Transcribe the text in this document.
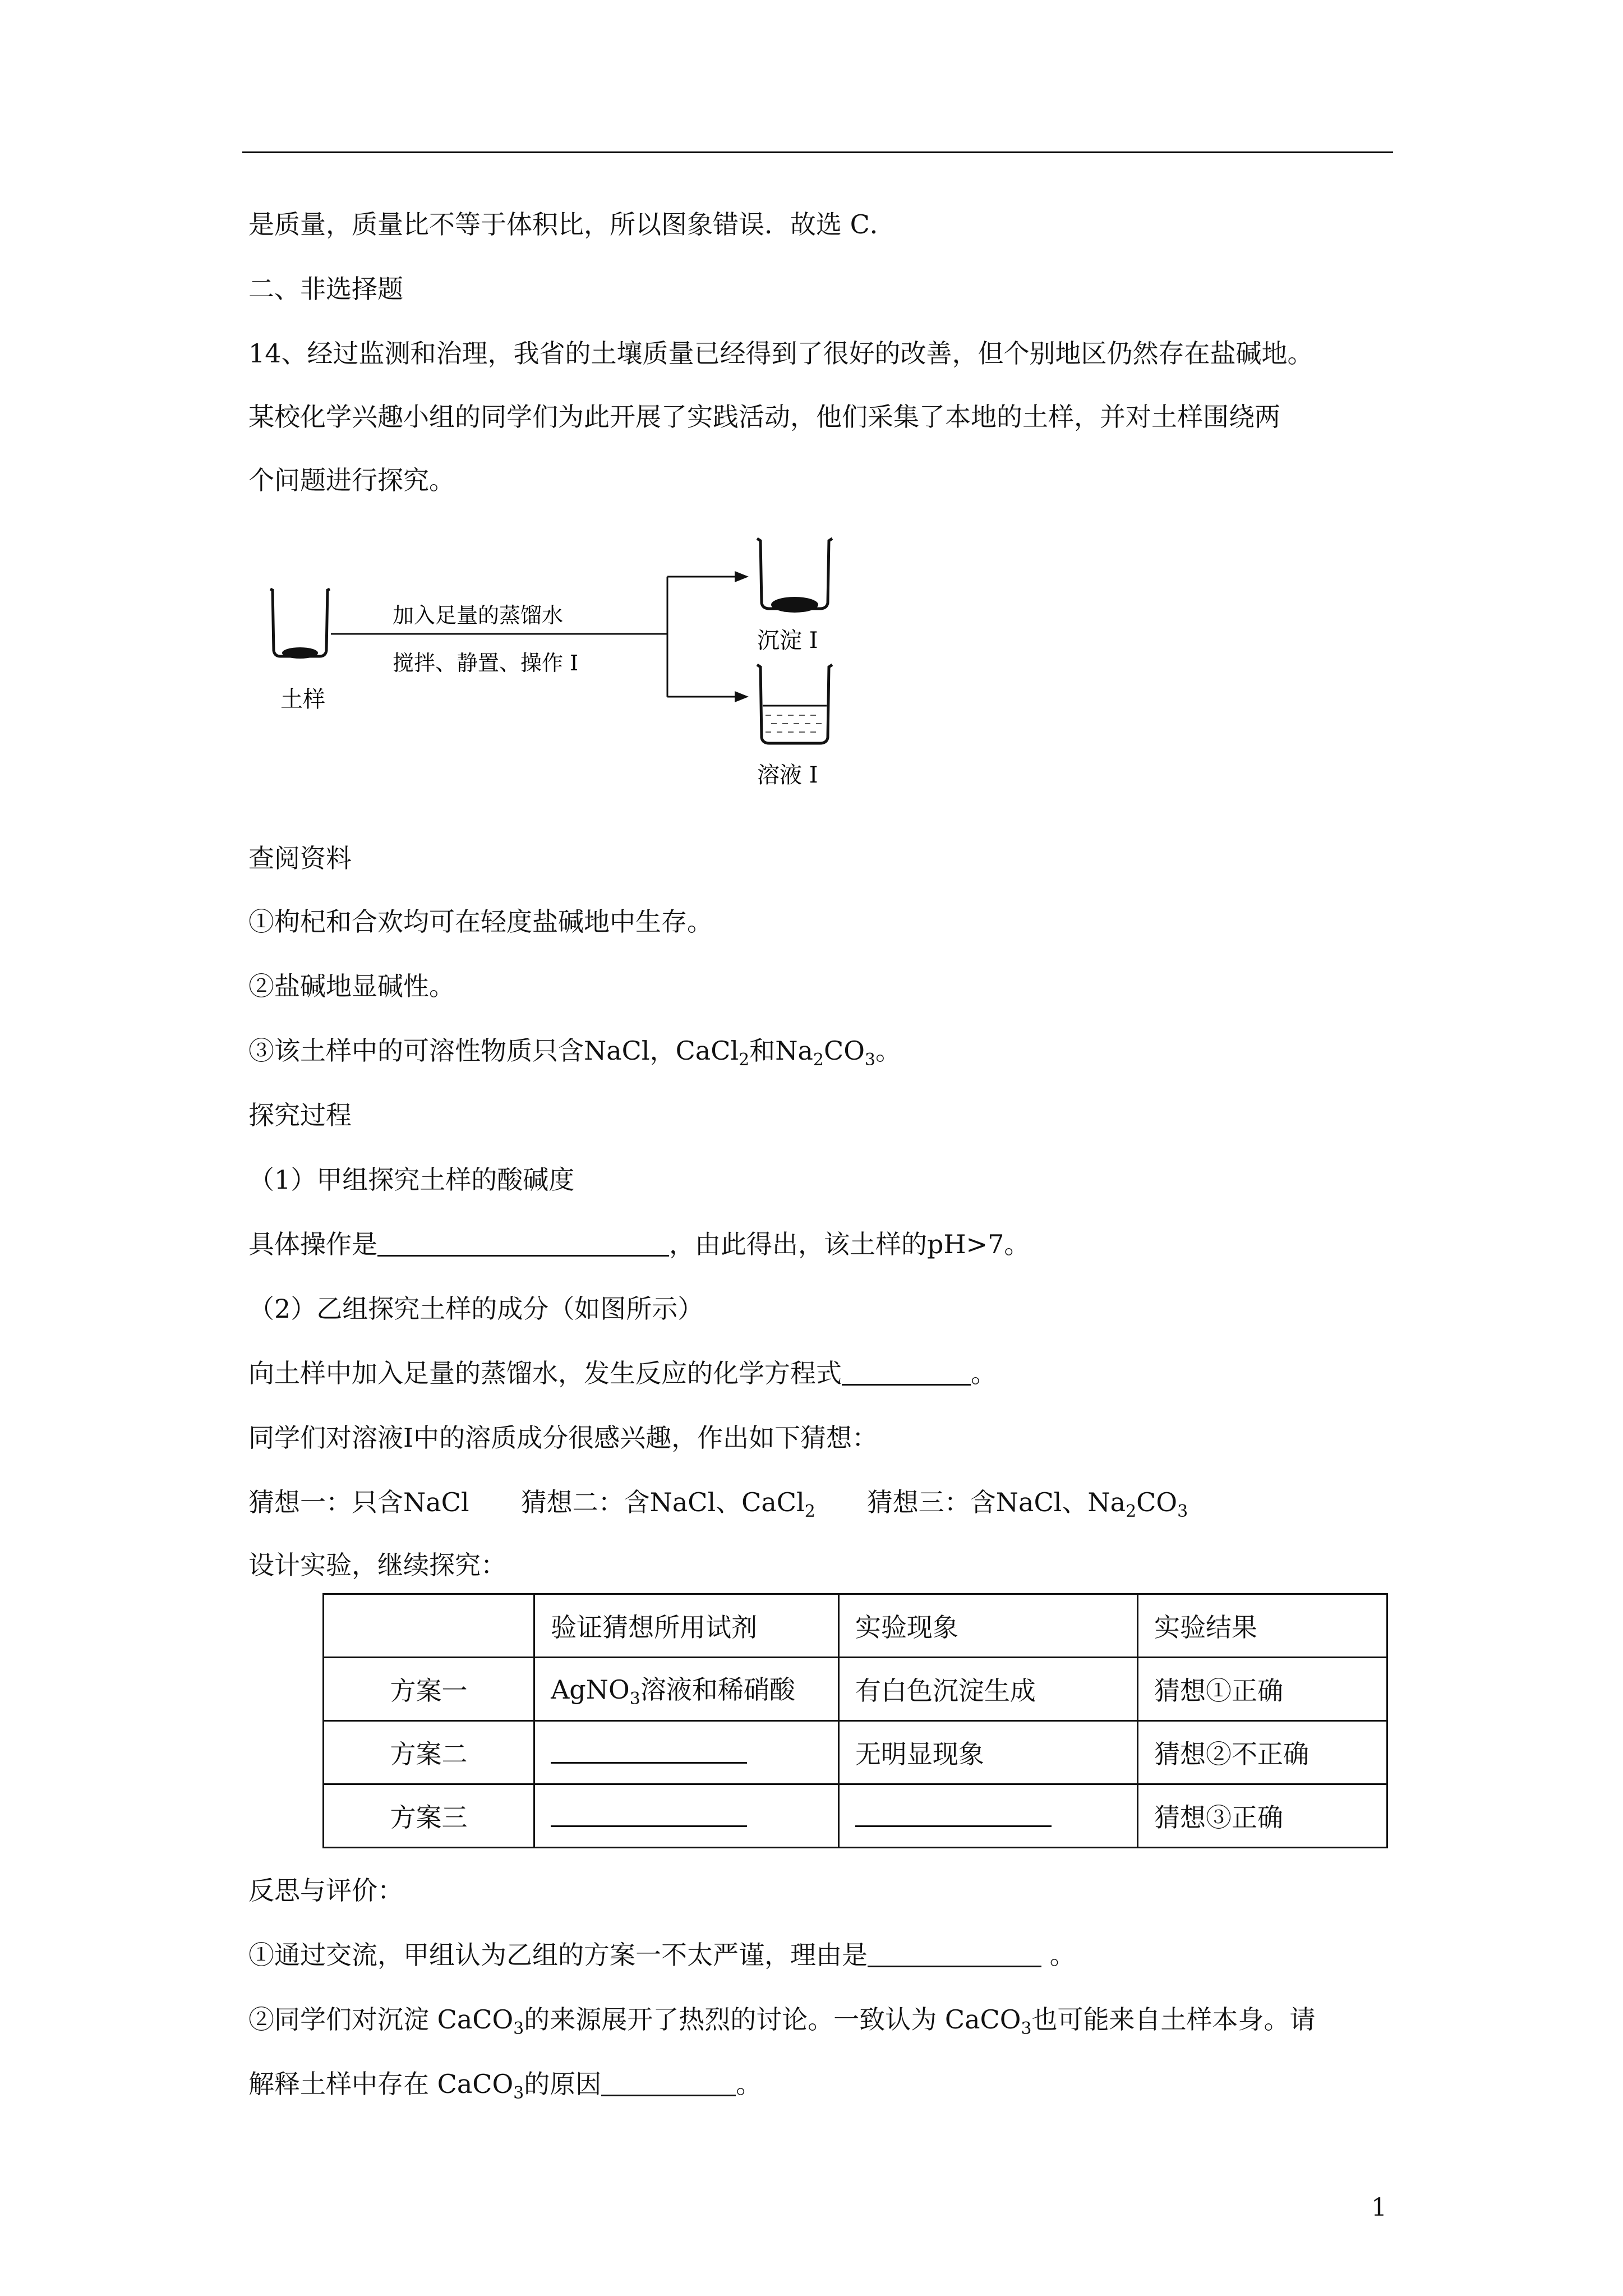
是质量，质量比不等于体积比，所以图象错误．故选 C．
二、非选择题
14、经过监测和治理，我省的土壤质量已经得到了很好的改善，但个别地区仍然存在盐碱地。
某校化学兴趣小组的同学们为此开展了实践活动，他们采集了本地的土样，并对土样围绕两
个问题进行探究。
土样
加入足量的蒸馏水
搅拌、静置、操作 I
沉淀 I
溶液 I
查阅资料
①枸杞和合欢均可在轻度盐碱地中生存。
②盐碱地显碱性。
③该土样中的可溶性物质只含NaCl，CaCl$_2$和$Na_2CO_3$。
探究过程
（1）甲组探究土样的酸碱度
具体操作是	，由此得出，该土样的pH>7。
（2）乙组探究土样的成分（如图所示）
向土样中加入足量的蒸馏水，发生反应的化学方程式	。
同学们对溶液I中的溶质成分很感兴趣，作出如下猜想：
猜想一：只含NaCl　　猜想二：含NaCl、CaCl$_2$　　猜想三：含NaCl、$Na_2CO_3$
设计实验，继续探究：
	验证猜想所用试剂	实验现象	实验结果
方案一	AgNO$_3$溶液和稀硝酸	有白色沉淀生成	猜想①正确
方案二		无明显现象	猜想②不正确
方案三			猜想③正确
反思与评价：
①通过交流，甲组认为乙组的方案一不太严谨，理由是	。
②同学们对沉淀 CaCO$_3$的来源展开了热烈的讨论。一致认为 CaCO$_3$也可能来自土样本身。请
解释土样中存在 CaCO$_3$的原因	。
1
